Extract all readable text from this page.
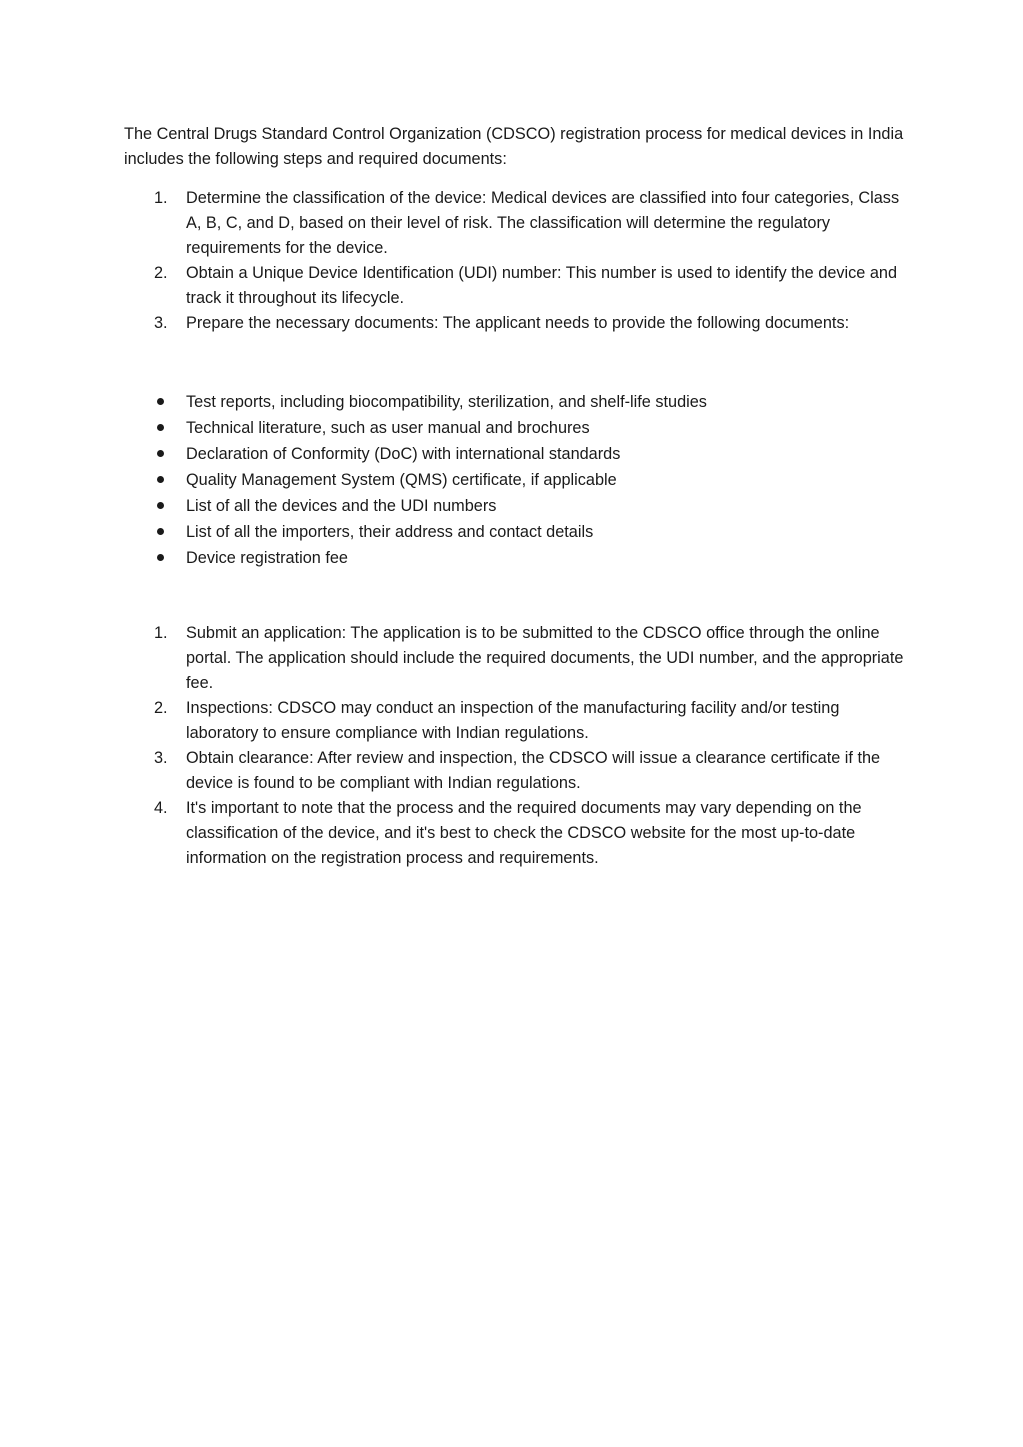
The Central Drugs Standard Control Organization (CDSCO) registration process for medical devices in India includes the following steps and required documents:

1.	Determine the classification of the device: Medical devices are classified into four categories, Class A, B, C, and D, based on their level of risk. The classification will determine the regulatory requirements for the device.
2.	Obtain a Unique Device Identification (UDI) number: This number is used to identify the device and track it throughout its lifecycle.
3.	Prepare the necessary documents: The applicant needs to provide the following documents:
Test reports, including biocompatibility, sterilization, and shelf-life studies
Technical literature, such as user manual and brochures
Declaration of Conformity (DoC) with international standards
Quality Management System (QMS) certificate, if applicable
List of all the devices and the UDI numbers
List of all the importers, their address and contact details
Device registration fee
1.	Submit an application: The application is to be submitted to the CDSCO office through the online portal. The application should include the required documents, the UDI number, and the appropriate fee.
2.	Inspections: CDSCO may conduct an inspection of the manufacturing facility and/or testing laboratory to ensure compliance with Indian regulations.
3.	Obtain clearance: After review and inspection, the CDSCO will issue a clearance certificate if the device is found to be compliant with Indian regulations.
4.	It's important to note that the process and the required documents may vary depending on the classification of the device, and it's best to check the CDSCO website for the most up-to-date information on the registration process and requirements.
